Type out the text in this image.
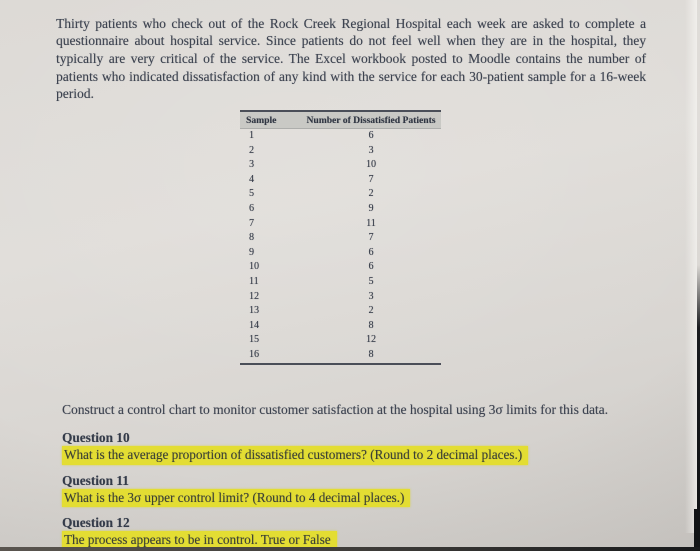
Thirty patients who check out of the Rock Creek Regional Hospital each week are asked to complete a questionnaire about hospital service. Since patients do not feel well when they are in the hospital, they typically are very critical of the service. The Excel workbook posted to Moodle contains the number of patients who indicated dissatisfaction of any kind with the service for each 30-patient sample for a 16-week period.

Sample	Number of Dissatisfied Patients
1	6
2	3
3	10
4	7
5	2
6	9
7	11
8	7
9	6
10	6
11	5
12	3
13	2
14	8
15	12
16	8

Construct a control chart to monitor customer satisfaction at the hospital using 3σ limits for this data.

Question 10
What is the average proportion of dissatisfied customers? (Round to 2 decimal places.)
Question 11
What is the 3σ upper control limit? (Round to 4 decimal places.)
Question 12
The process appears to be in control. True or False
